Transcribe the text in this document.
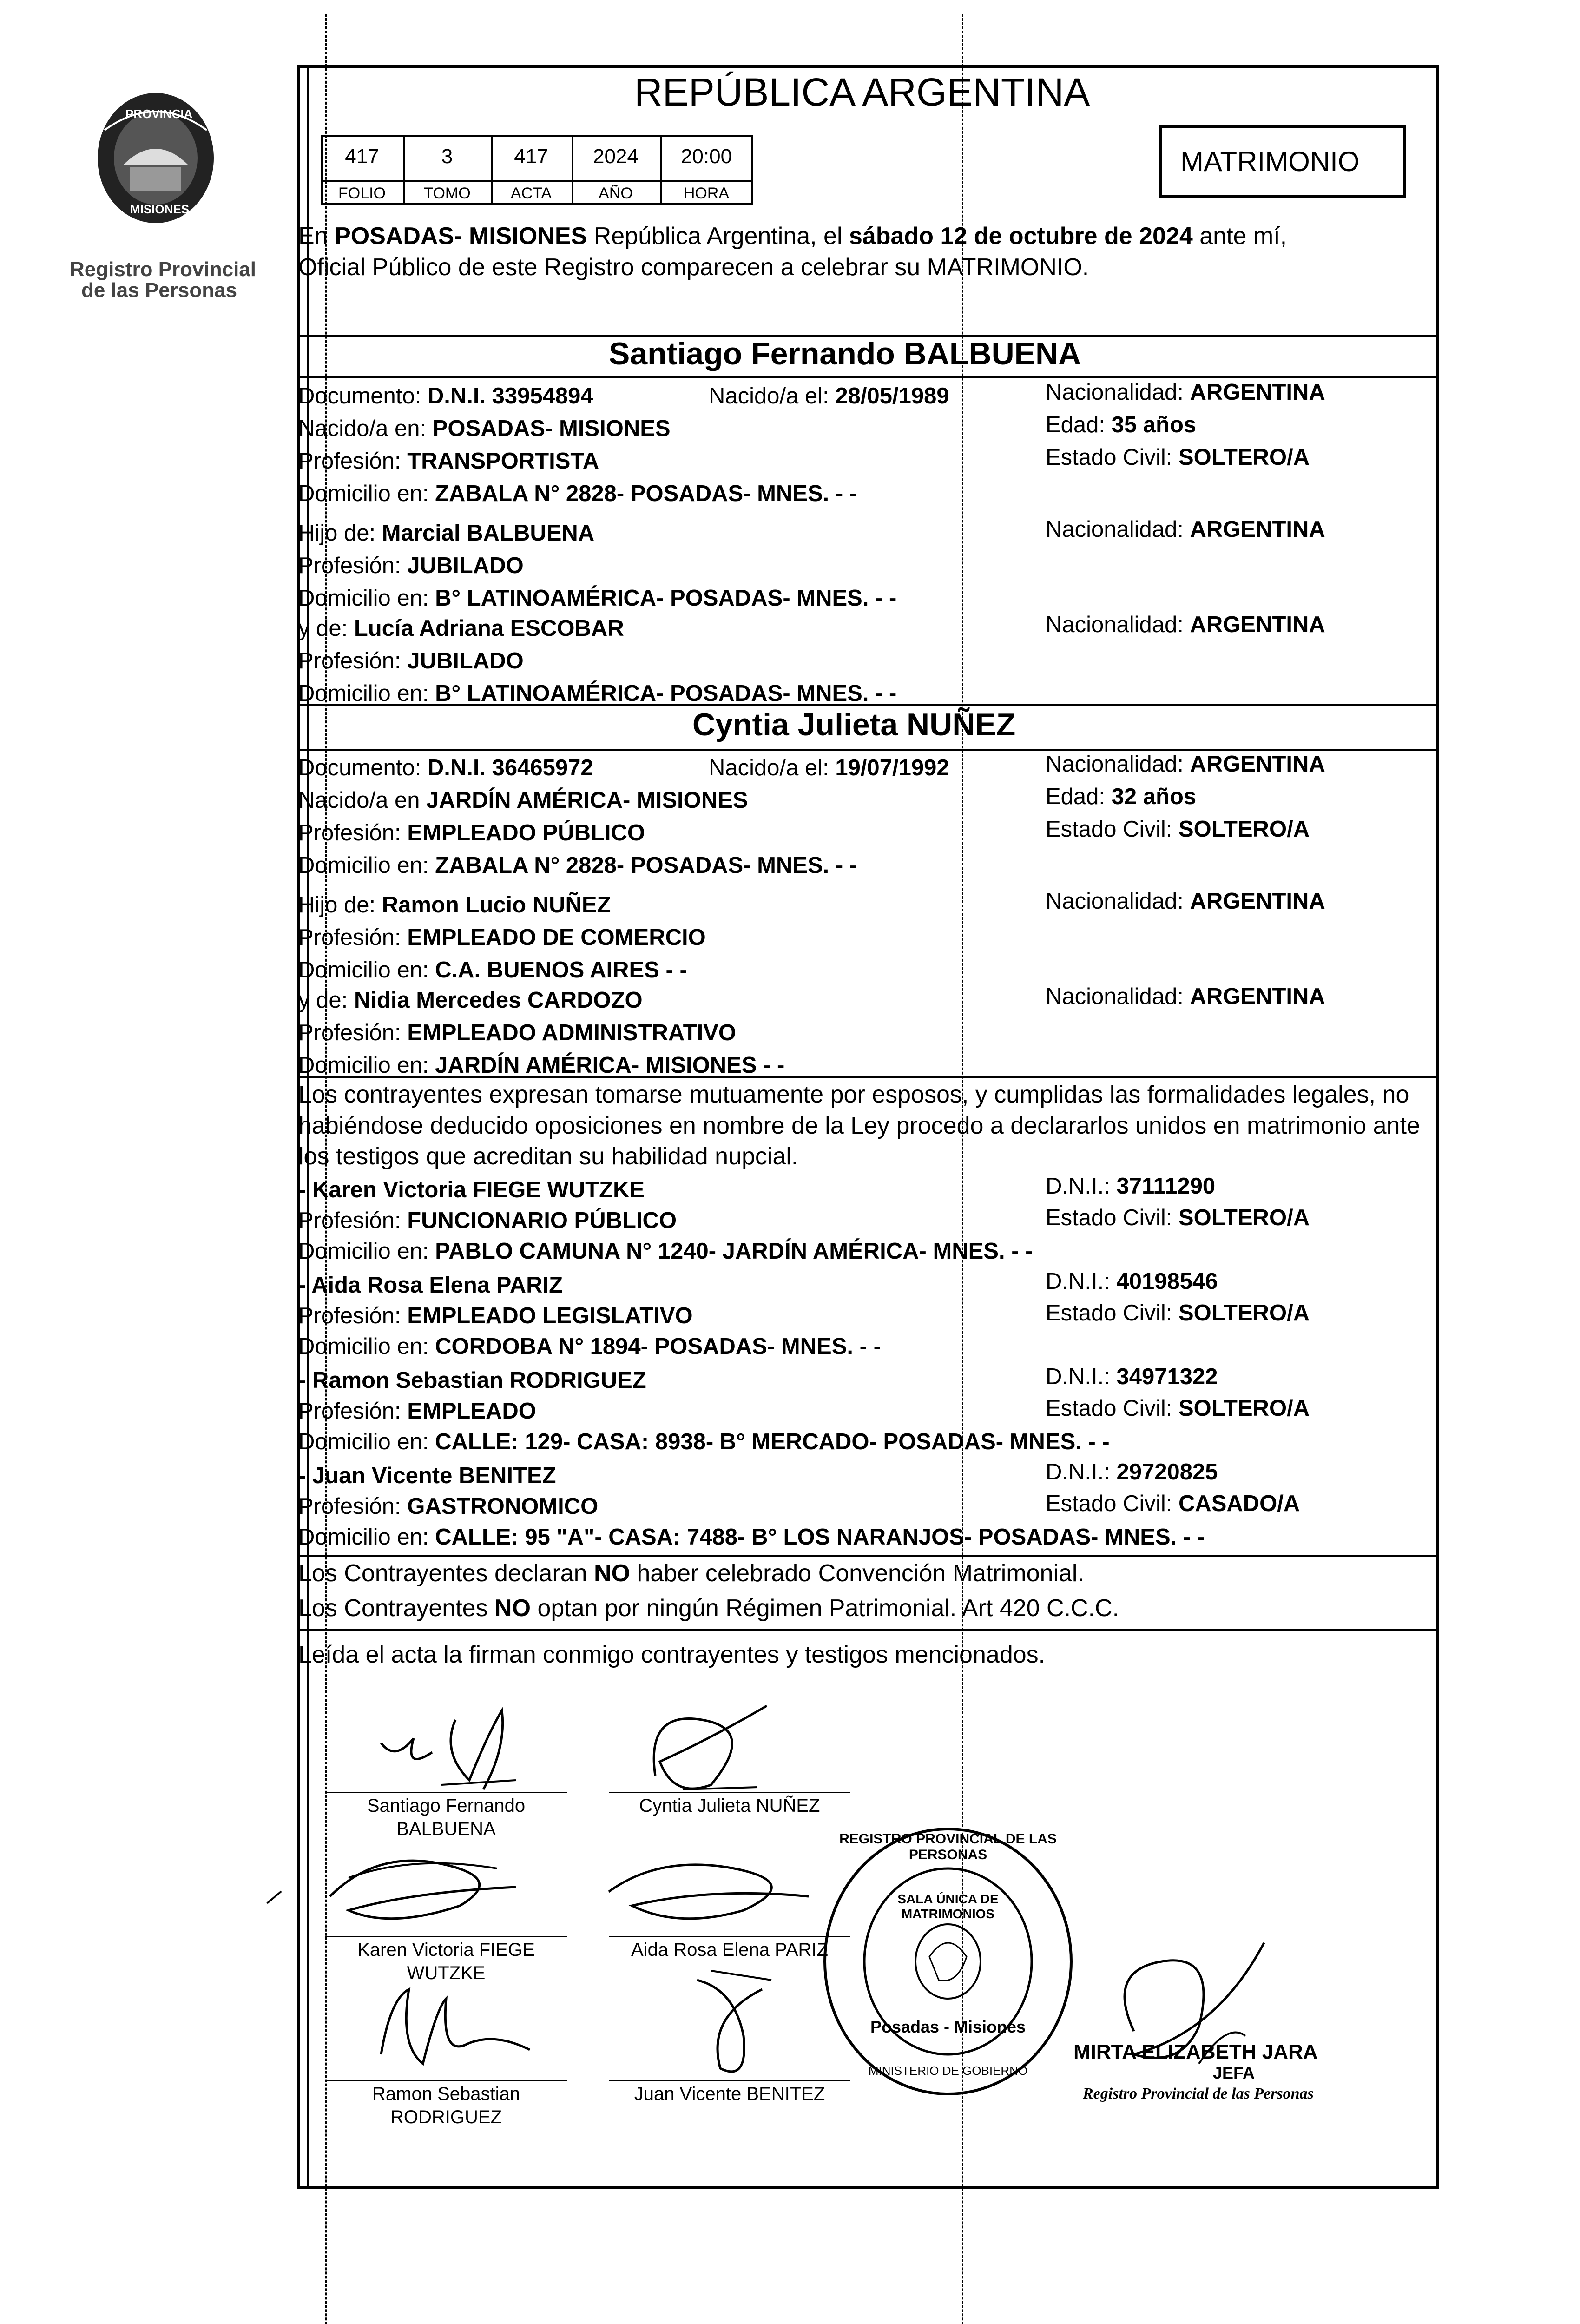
PROVINCIA
MISIONES
Registro Provincial
de las Personas
REPÚBLICA ARGENTINA
417	3	417	2024	20:00
FOLIO	TOMO	ACTA	AÑO	HORA
MATRIMONIO
En POSADAS- MISIONES República Argentina, el sábado 12 de octubre de 2024 ante mí,
Oficial Público de este Registro comparecen a celebrar su MATRIMONIO.
Santiago Fernando BALBUENA
Documento: D.N.I. 33954894	Nacido/a el: 28/05/1989	Nacionalidad: ARGENTINA
Nacido/a en: POSADAS- MISIONES	Edad: 35 años
Profesión: TRANSPORTISTA	Estado Civil: SOLTERO/A
Domicilio en: ZABALA N° 2828- POSADAS- MNES. - -
Hijo de: Marcial BALBUENA	Nacionalidad: ARGENTINA
Profesión: JUBILADO
Domicilio en: B° LATINOAMÉRICA- POSADAS- MNES. - -
y de: Lucía Adriana ESCOBAR	Nacionalidad: ARGENTINA
Profesión: JUBILADO
Domicilio en: B° LATINOAMÉRICA- POSADAS- MNES. - -
Cyntia Julieta NUÑEZ
Documento: D.N.I. 36465972	Nacido/a el: 19/07/1992	Nacionalidad: ARGENTINA
Nacido/a en JARDÍN AMÉRICA- MISIONES	Edad: 32 años
Profesión: EMPLEADO PÚBLICO	Estado Civil: SOLTERO/A
Domicilio en: ZABALA N° 2828- POSADAS- MNES. - -
Hijo de: Ramon Lucio NUÑEZ	Nacionalidad: ARGENTINA
Profesión: EMPLEADO DE COMERCIO
Domicilio en: C.A. BUENOS AIRES - -
y de: Nidia Mercedes CARDOZO	Nacionalidad: ARGENTINA
Profesión: EMPLEADO ADMINISTRATIVO
Domicilio en: JARDÍN AMÉRICA- MISIONES - -
Los contrayentes expresan tomarse mutuamente por esposos, y cumplidas las formalidades legales, no
habiéndose deducido oposiciones en nombre de la Ley procedo a declararlos unidos en matrimonio ante
los testigos que acreditan su habilidad nupcial.
- Karen Victoria FIEGE WUTZKE	D.N.I.: 37111290
Profesión: FUNCIONARIO PÚBLICO	Estado Civil: SOLTERO/A
Domicilio en: PABLO CAMUNA N° 1240- JARDÍN AMÉRICA- MNES. - -
- Aida Rosa Elena PARIZ	D.N.I.: 40198546
Profesión: EMPLEADO LEGISLATIVO	Estado Civil: SOLTERO/A
Domicilio en: CORDOBA N° 1894- POSADAS- MNES. - -
- Ramon Sebastian RODRIGUEZ	D.N.I.: 34971322
Profesión: EMPLEADO	Estado Civil: SOLTERO/A
Domicilio en: CALLE: 129- CASA: 8938- B° MERCADO- POSADAS- MNES. - -
- Juan Vicente BENITEZ	D.N.I.: 29720825
Profesión: GASTRONOMICO	Estado Civil: CASADO/A
Domicilio en: CALLE: 95 "A"- CASA: 7488- B° LOS NARANJOS- POSADAS- MNES. - -
Los Contrayentes declaran NO haber celebrado Convención Matrimonial.
Los Contrayentes NO optan por ningún Régimen Patrimonial. Art 420 C.C.C.
Leída el acta la firman conmigo contrayentes y testigos mencionados.
Santiago Fernando
BALBUENA
Cyntia Julieta NUÑEZ
Karen Victoria FIEGE
WUTZKE
Aida Rosa Elena PARIZ
Ramon Sebastian
RODRIGUEZ
Juan Vicente BENITEZ
REGISTRO PROVINCIAL DE LAS PERSONAS
SALA ÚNICA DE MATRIMONIOS
Posadas - Misiones
MINISTERIO DE GOBIERNO
MIRTA ELIZABETH JARA
JEFA
Registro Provincial de las Personas
